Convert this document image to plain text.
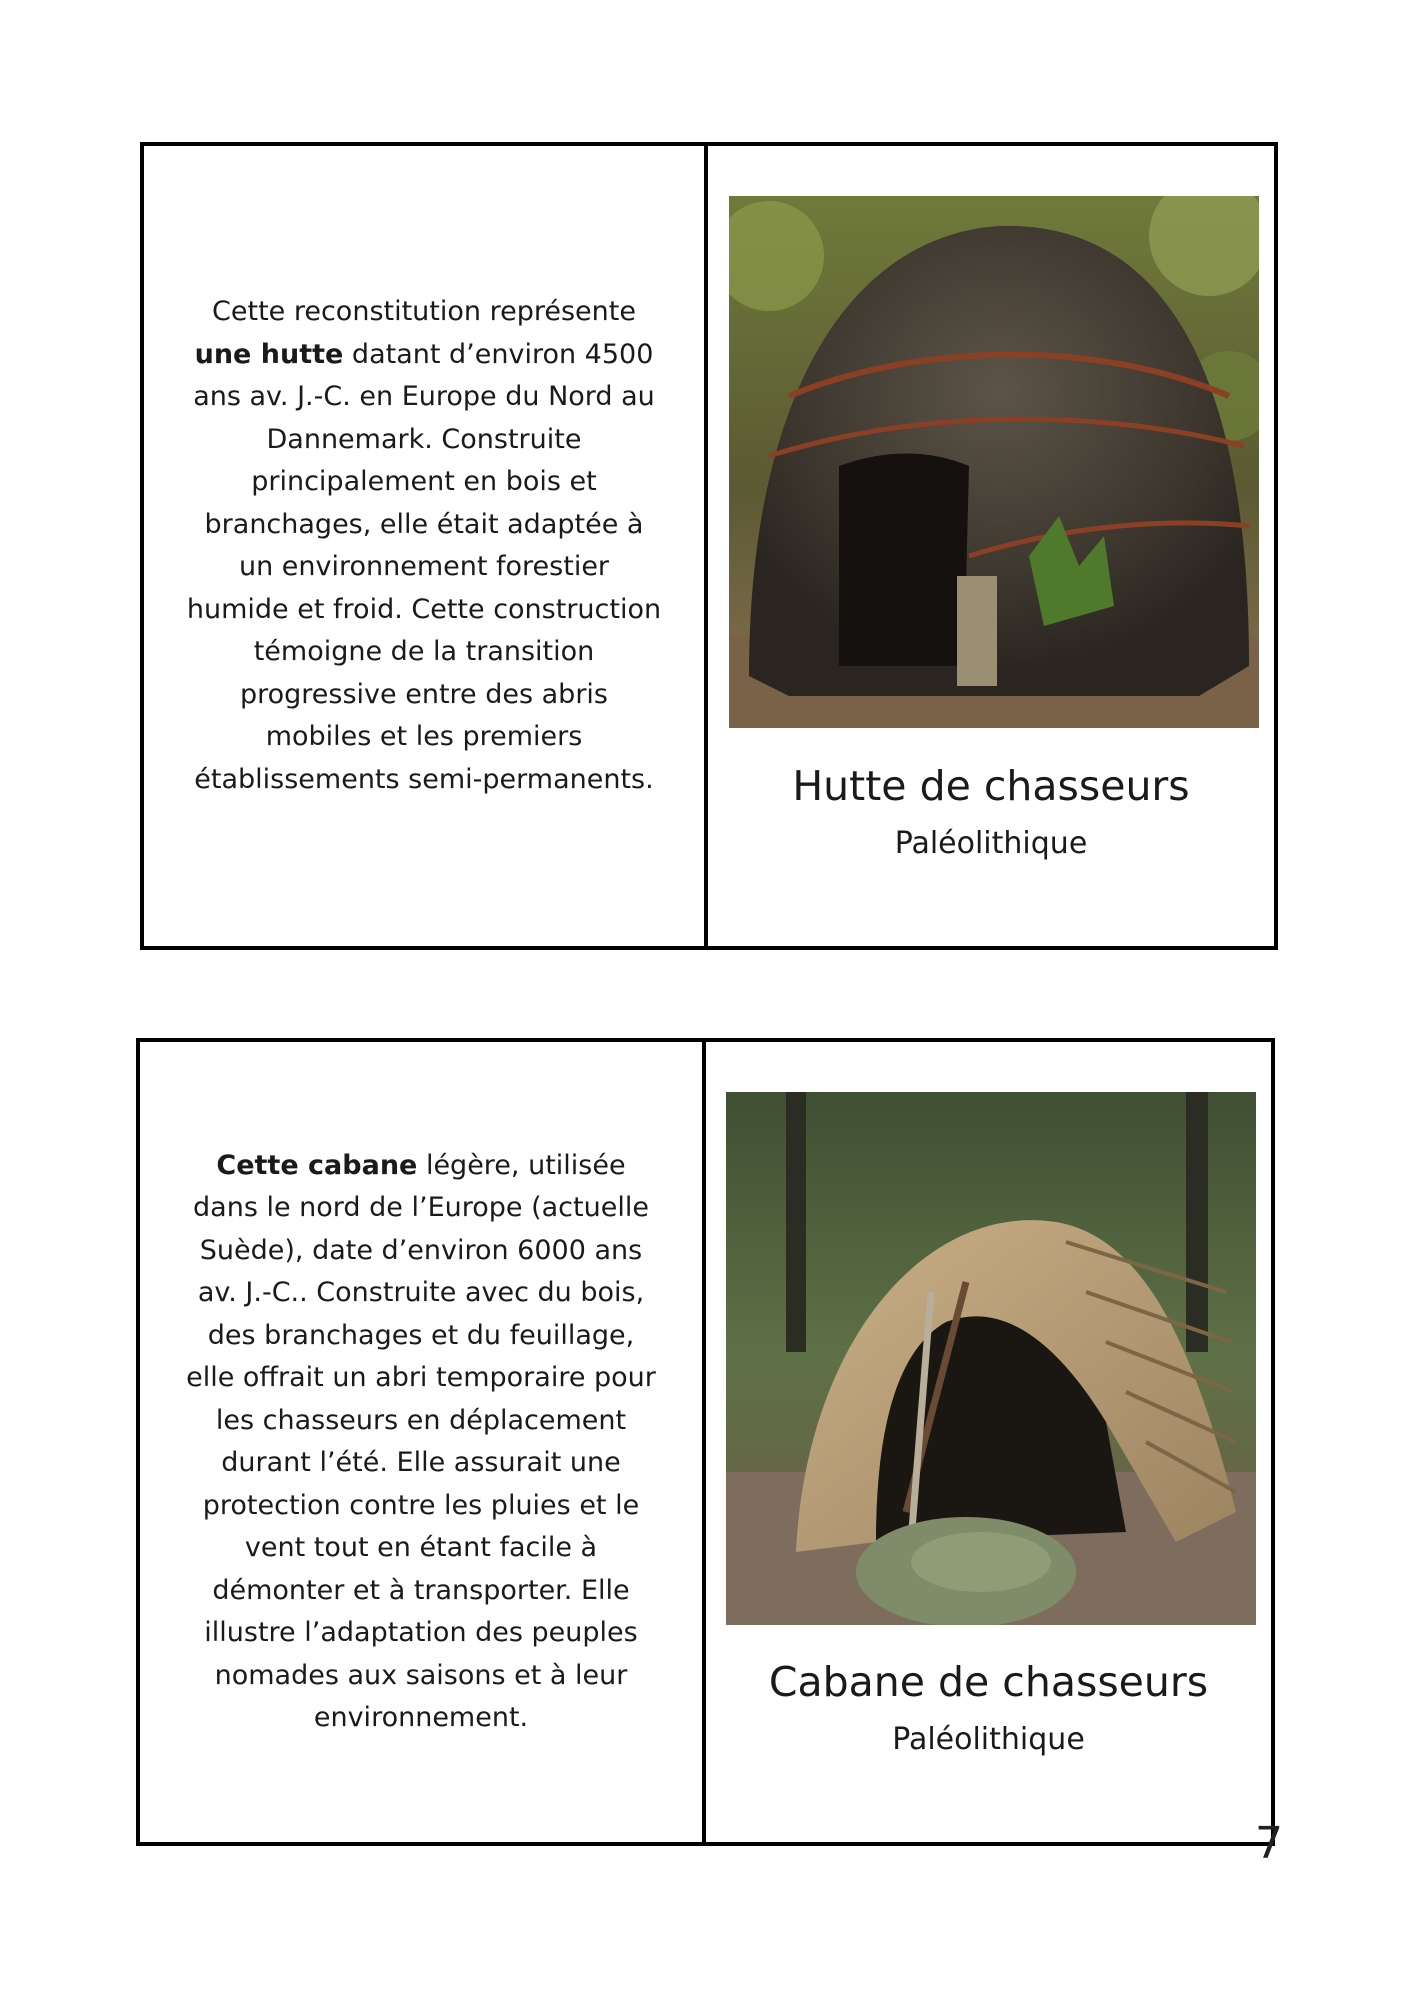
Cette reconstitution représente une hutte datant d’environ 4500 ans av. J.-C. en Europe du Nord au Dannemark. Construite principalement en bois et branchages, elle était adaptée à un environnement forestier humide et froid. Cette construction témoigne de la transition progressive entre des abris mobiles et les premiers établissements semi-permanents.	Hutte de chasseurs
Paléolithique

Cette cabane légère, utilisée dans le nord de l’Europe (actuelle Suède), date d’environ 6000 ans av. J.-C.. Construite avec du bois, des branchages et du feuillage, elle offrait un abri temporaire pour les chasseurs en déplacement durant l’été. Elle assurait une protection contre les pluies et le vent tout en étant facile à démonter et à transporter. Elle illustre l’adaptation des peuples nomades aux saisons et à leur environnement.

Cabane de chasseurs
Paléolithique
7
